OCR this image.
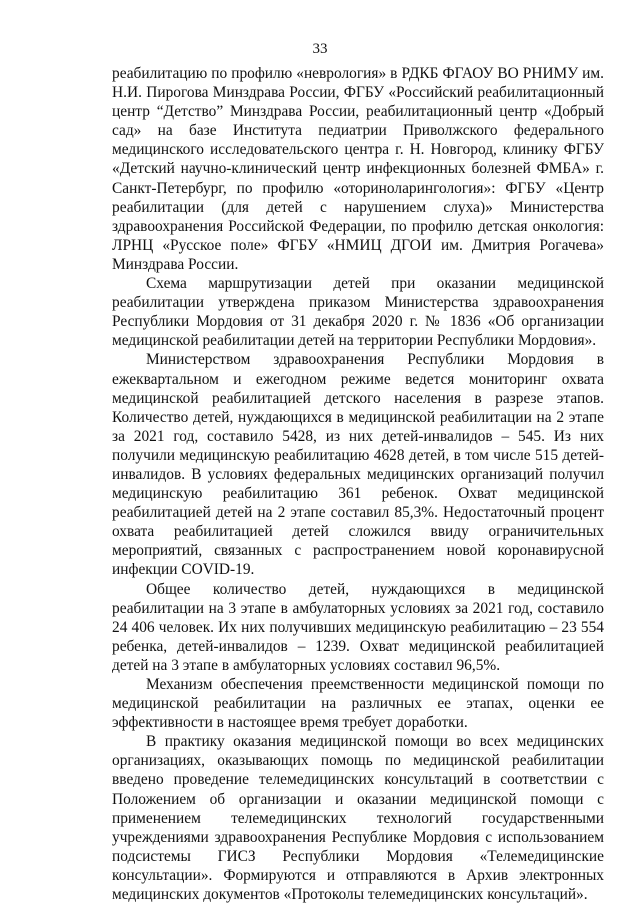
33

реабилитацию по профилю «неврология» в РДКБ ФГАОУ ВО РНИМУ им. Н.И. Пирогова Минздрава России, ФГБУ «Российский реабилитационный центр “Детство” Минздрава России, реабилитационный центр «Добрый сад» на базе Института педиатрии Приволжского федерального медицинского исследовательского центра г. Н. Новгород, клинику ФГБУ «Детский научно-клинический центр инфекционных болезней ФМБА» г. Санкт-Петербург, по профилю «оториноларингология»: ФГБУ «Центр реабилитации (для детей с нарушением слуха)» Министерства здравоохранения Российской Федерации, по профилю детская онкология: ЛРНЦ «Русское поле» ФГБУ «НМИЦ ДГОИ им. Дмитрия Рогачева» Минздрава России.

Схема маршрутизации детей при оказании медицинской реабилитации утверждена приказом Министерства здравоохранения Республики Мордовия от 31 декабря 2020 г. № 1836 «Об организации медицинской реабилитации детей на территории Республики Мордовия».

Министерством здравоохранения Республики Мордовия в ежеквартальном и ежегодном режиме ведется мониторинг охвата медицинской реабилитацией детского населения в разрезе этапов. Количество детей, нуждающихся в медицинской реабилитации на 2 этапе за 2021 год, составило 5428, из них детей-инвалидов – 545. Из них получили медицинскую реабилитацию 4628 детей, в том числе 515 детей-инвалидов. В условиях федеральных медицинских организаций получил медицинскую реабилитацию 361 ребенок. Охват медицинской реабилитацией детей на 2 этапе составил 85,3%. Недостаточный процент охвата реабилитацией детей сложился ввиду ограничительных мероприятий, связанных с распространением новой коронавирусной инфекции COVID-19.

Общее количество детей, нуждающихся в медицинской реабилитации на 3 этапе в амбулаторных условиях за 2021 год, составило 24 406 человек. Их них получивших медицинскую реабилитацию – 23 554 ребенка, детей-инвалидов – 1239. Охват медицинской реабилитацией детей на 3 этапе в амбулаторных условиях составил 96,5%.

Механизм обеспечения преемственности медицинской помощи по медицинской реабилитации на различных ее этапах, оценки ее эффективности в настоящее время требует доработки.

В практику оказания медицинской помощи во всех медицинских организациях, оказывающих помощь по медицинской реабилитации введено проведение телемедицинских консультаций в соответствии с Положением об организации и оказании медицинской помощи с применением телемедицинских технологий государственными учреждениями здравоохранения Республике Мордовия с использованием подсистемы ГИСЗ Республики Мордовия «Телемедицинские консультации». Формируются и отправляются в Архив электронных медицинских документов «Протоколы телемедицинских консультаций».
